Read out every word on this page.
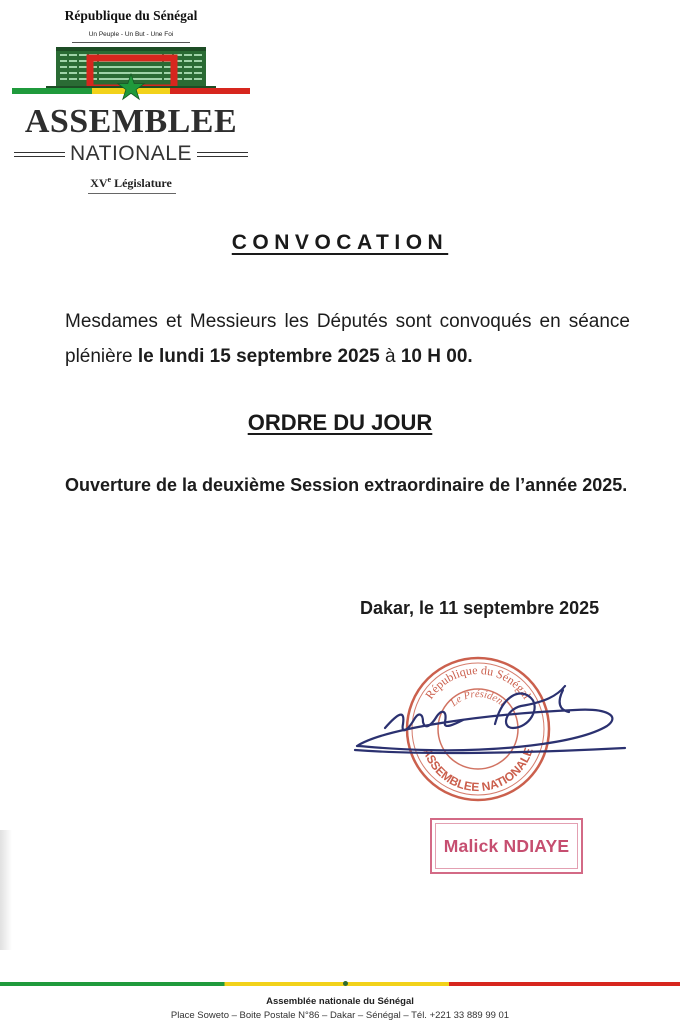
République du Sénégal
Un Peuple - Un But - Une Foi
ASSEMBLEE
NATIONALE
XVe Législature
CONVOCATION
Mesdames et Messieurs les Députés sont convoqués en séance plénière le lundi 15 septembre 2025 à 10 H 00.
ORDRE DU JOUR
Ouverture de la deuxième Session extraordinaire de l’année 2025.
Dakar, le 11 septembre 2025
République du Sénégal
Le Président
ASSEMBLEE NATIONALE
Malick NDIAYE
Assemblée nationale du Sénégal
Place Soweto – Boite Postale N°86 – Dakar – Sénégal – Tél. +221 33 889 99 01
